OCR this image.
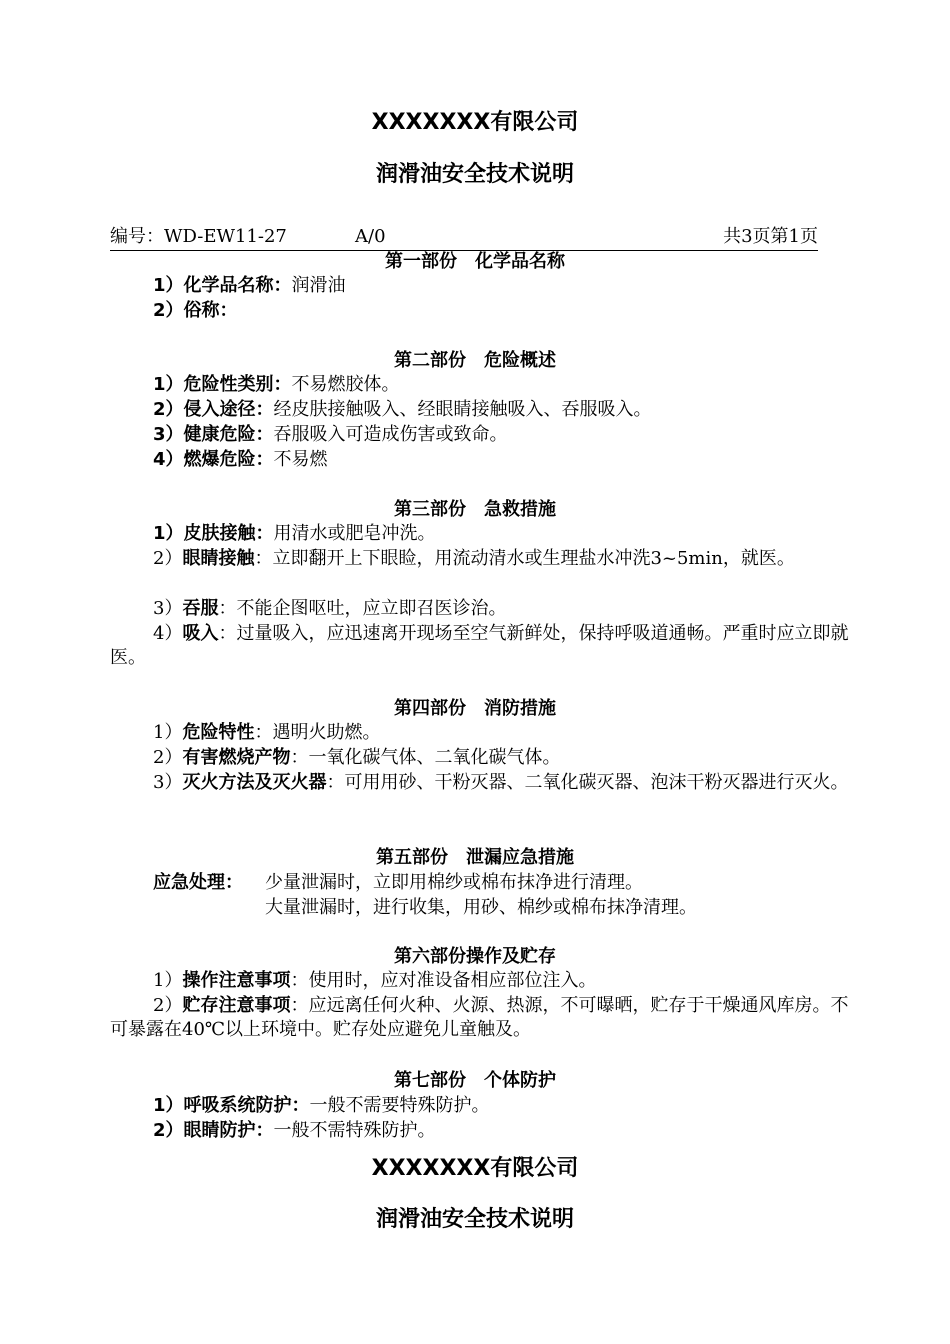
XXXXXXX有限公司
润滑油安全技术说明
编号：WD-EW11-27	A/0	共3页第1页
第一部份　化学品名称
1）化学品名称：润滑油
2）俗称：
第二部份　危险概述
1）危险性类别：不易燃胶体。
2）侵入途径：经皮肤接触吸入、经眼睛接触吸入、吞服吸入。
3）健康危险：吞服吸入可造成伤害或致命。
4）燃爆危险：不易燃
第三部份　急救措施
1）皮肤接触：用清水或肥皂冲洗。
2）眼睛接触：立即翻开上下眼睑，用流动清水或生理盐水冲洗3~5min，就医。
3）吞服：不能企图呕吐，应立即召医诊治。
4）吸入：过量吸入，应迅速离开现场至空气新鲜处，保持呼吸道通畅。严重时应立即就医。
第四部份　消防措施
1）危险特性：遇明火助燃。
2）有害燃烧产物：一氧化碳气体、二氧化碳气体。
3）灭火方法及灭火器：可用用砂、干粉灭器、二氧化碳灭器、泡沫干粉灭器进行灭火。
第五部份　泄漏应急措施
应急处理： 少量泄漏时，立即用棉纱或棉布抹净进行清理。
大量泄漏时，进行收集，用砂、棉纱或棉布抹净清理。
第六部份操作及贮存
1）操作注意事项：使用时，应对准设备相应部位注入。
2）贮存注意事项：应远离任何火种、火源、热源，不可曝晒，贮存于干燥通风库房。不可暴露在40℃以上环境中。贮存处应避免儿童触及。
第七部份　个体防护
1）呼吸系统防护：一般不需要特殊防护。
2）眼睛防护：一般不需特殊防护。
XXXXXXX有限公司
润滑油安全技术说明
